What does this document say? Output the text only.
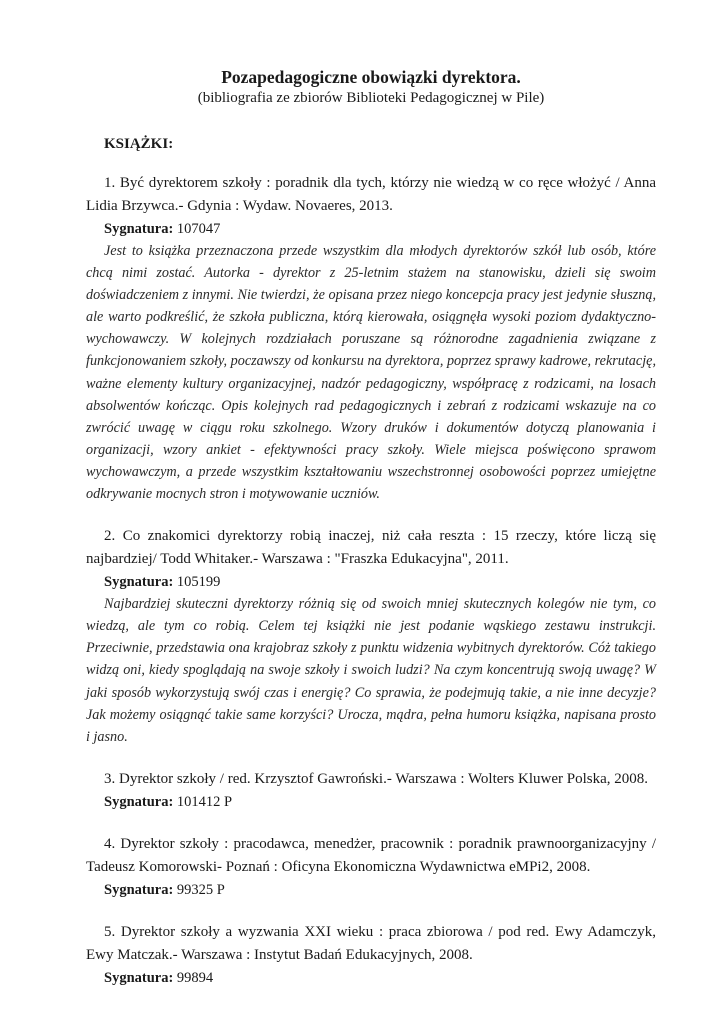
Pozapedagogiczne obowiązki dyrektora.

(bibliografia ze zbiorów Biblioteki Pedagogicznej w Pile)

KSIĄŻKI:

1. Być dyrektorem szkoły : poradnik dla tych, którzy nie wiedzą w co ręce włożyć / Anna Lidia Brzywca.- Gdynia : Wydaw. Novaeres, 2013.

Sygnatura: 107047

Jest to książka przeznaczona przede wszystkim dla młodych dyrektorów szkół lub osób, które chcą nimi zostać. Autorka - dyrektor z 25-letnim stażem na stanowisku, dzieli się swoim doświadczeniem z innymi. Nie twierdzi, że opisana przez niego koncepcja pracy jest jedynie słuszną, ale warto podkreślić, że szkoła publiczna, którą kierowała, osiągnęła wysoki poziom dydaktyczno-wychowawczy. W kolejnych rozdziałach poruszane są różnorodne zagadnienia związane z funkcjonowaniem szkoły, poczawszy od konkursu na dyrektora, poprzez sprawy kadrowe, rekrutację, ważne elementy kultury organizacyjnej, nadzór pedagogiczny, współpracę z rodzicami, na losach absolwentów kończąc. Opis kolejnych rad pedagogicznych i zebrań z rodzicami wskazuje na co zwrócić uwagę w ciągu roku szkolnego. Wzory druków i dokumentów dotyczą planowania i organizacji, wzory ankiet - efektywności pracy szkoły. Wiele miejsca poświęcono sprawom wychowawczym, a przede wszystkim kształtowaniu wszechstronnej osobowości poprzez umiejętne odkrywanie mocnych stron i motywowanie uczniów.

2. Co znakomici dyrektorzy robią inaczej, niż cała reszta : 15 rzeczy, które liczą się najbardziej/ Todd Whitaker.- Warszawa : "Fraszka Edukacyjna", 2011.

Sygnatura: 105199

Najbardziej skuteczni dyrektorzy różnią się od swoich mniej skutecznych kolegów nie tym, co wiedzą, ale tym co robią. Celem tej książki nie jest podanie wąskiego zestawu instrukcji. Przeciwnie, przedstawia ona krajobraz szkoły z punktu widzenia wybitnych dyrektorów. Cóż takiego widzą oni, kiedy spoglądają na swoje szkoły i swoich ludzi? Na czym koncentrują swoją uwagę? W jaki sposób wykorzystują swój czas i energię? Co sprawia, że podejmują takie, a nie inne decyzje? Jak możemy osiągnąć takie same korzyści? Urocza, mądra, pełna humoru książka, napisana prosto i jasno.

3. Dyrektor szkoły / red. Krzysztof Gawroński.- Warszawa : Wolters Kluwer Polska, 2008.

Sygnatura: 101412 P

4. Dyrektor szkoły : pracodawca, menedżer, pracownik : poradnik prawnoorganizacyjny / Tadeusz Komorowski- Poznań : Oficyna Ekonomiczna Wydawnictwa eMPi2, 2008.

Sygnatura: 99325 P

5. Dyrektor szkoły a wyzwania XXI wieku : praca zbiorowa / pod red. Ewy Adamczyk, Ewy Matczak.- Warszawa : Instytut Badań Edukacyjnych, 2008.

Sygnatura: 99894
